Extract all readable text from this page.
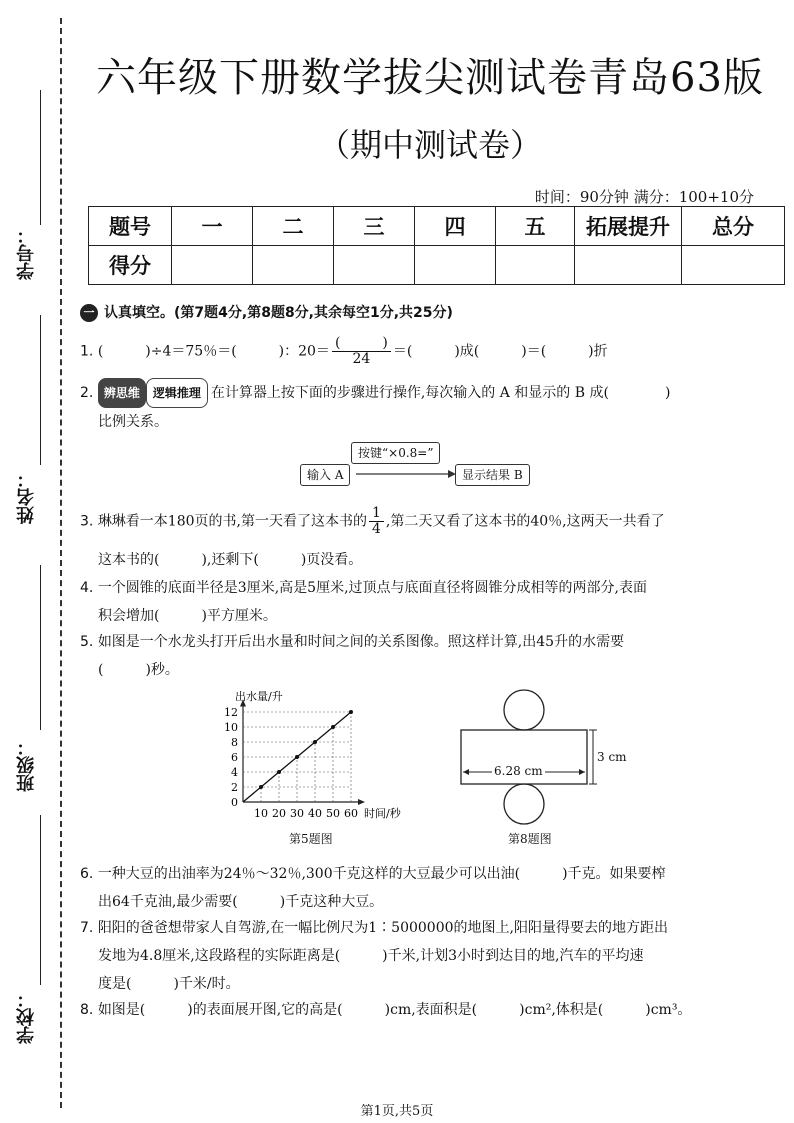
学号：
姓名：
班级：
学校：
六年级下册数学拔尖测试卷青岛63版
（期中测试卷）
时间：90分钟 满分：100+10分
题号	一	二	三	四	五	拓展提升	总分
得分							
一 认真填空。(第7题4分,第8题8分,其余每空1分,共25分)
1. (　　　)÷4＝75％＝(　　　)：$20= \frac{( )}{24}$ ＝(　　　)成(　　　)＝(　　　)折
2. 辨思维 逻辑推理 在计算器上按下面的步骤进行操作,每次输入的 A 和显示的 B 成(　　　　)
比例关系。
按键“×0.8=”
输入 A	显示结果 B
3. 琳琳看一本180页的书,第一天看了这本书的 $\frac{1}{4}$ ,第二天又看了这本书的40％,这两天一共看了
这本书的(　　　),还剩下(　　　)页没看。
4. 一个圆锥的底面半径是3厘米,高是5厘米,过顶点与底面直径将圆锥分成相等的两部分,表面
积会增加(　　　)平方厘米。
5. 如图是一个水龙头打开后出水量和时间之间的关系图像。照这样计算,出45升的水需要
(　　　)秒。
出水量/升
时间/秒
0
2
4
6
8
10
12
10 20 30 40 50 60
第5题图
3 cm
6.28 cm
第8题图
6. 一种大豆的出油率为24％～32％,300千克这样的大豆最少可以出油(　　　)千克。如果要榨
出64千克油,最少需要(　　　)千克这种大豆。
7. 阳阳的爸爸想带家人自驾游,在一幅比例尺为1∶5000000的地图上,阳阳量得要去的地方距出
发地为4.8厘米,这段路程的实际距离是(　　　)千米,计划3小时到达目的地,汽车的平均速
度是(　　　)千米/时。
8. 如图是(　　　)的表面展开图,它的高是(　　　)cm,表面积是(　　　)cm²,体积是(　　　)cm³。
第1页,共5页
